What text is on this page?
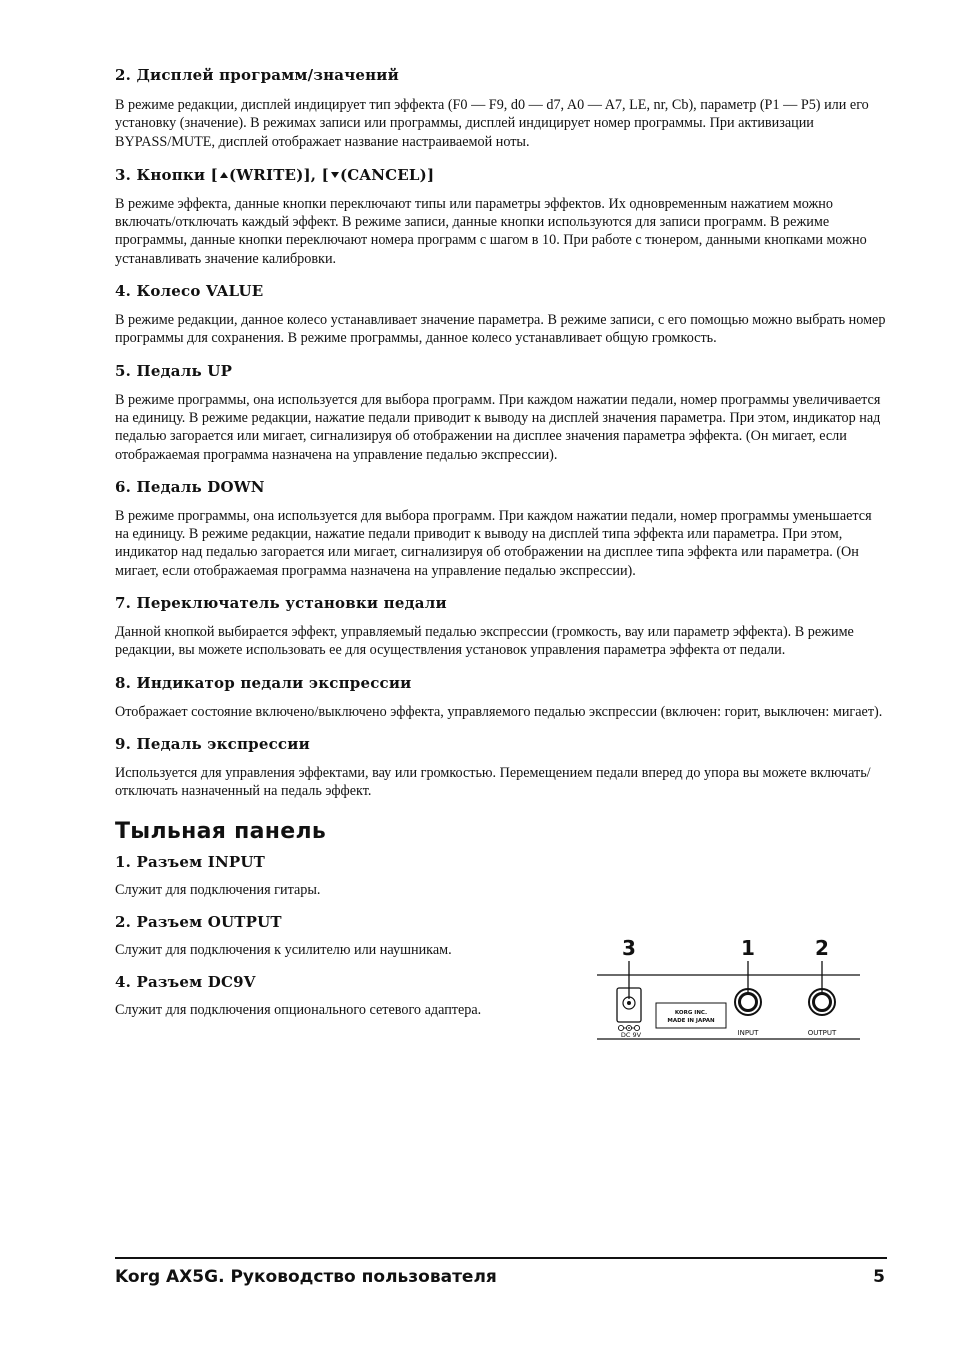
2. Дисплей программ/значений

В режиме редакции, дисплей индицирует тип эффекта (F0 — F9, d0 — d7, A0 — A7, LE, nr, Cb), параметр (P1 — P5) или его установку (значение). В режимах записи или программы, дисплей индицирует номер программы. При активизации BYPASS/MUTE, дисплей отображает название настраиваемой ноты.

3. Кнопки [ (WRITE)], [ (CANCEL)]

В режиме эффекта, данные кнопки переключают типы или параметры эффектов. Их одновременным нажатием можно включать/отключать каждый эффект. В режиме записи, данные кнопки используются для записи программ. В режиме программы, данные кнопки переключают номера программ с шагом в 10. При работе с тюнером, данными кнопками можно устанавливать значение калибровки.

4. Колесо VALUE

В режиме редакции, данное колесо устанавливает значение параметра. В режиме записи, с его помощью можно выбрать номер программы для сохранения. В режиме программы, данное колесо устанавливает общую громкость.

5. Педаль UP

В режиме программы, она используется для выбора программ. При каждом нажатии педали, номер программы увеличивается на единицу. В режиме редакции, нажатие педали приводит к выводу на дисплей значения параметра. При этом, индикатор над педалью загорается или мигает, сигнализируя об отображении на дисплее значения параметра эффекта. (Он мигает, если отображаемая программа назначена на управление педалью экспрессии).

6. Педаль DOWN

В режиме программы, она используется для выбора программ. При каждом нажатии педали, номер программы уменьшается на единицу. В режиме редакции, нажатие педали приводит к выводу на дисплей типа эффекта или параметра. При этом, индикатор над педалью загорается или мигает, сигнализируя об отображении на дисплее типа эффекта или параметра. (Он мигает, если отображаемая программа назначена на управление педалью экспрессии).

7. Переключатель установки педали

Данной кнопкой выбирается эффект, управляемый педалью экспрессии (громкость, вау или параметр эффекта). В режиме редакции, вы можете использовать ее для осуществления установок управления параметра эффекта от педали.

8. Индикатор педали экспрессии

Отображает состояние включено/выключено эффекта, управляемого педалью экспрессии (включен: горит, выключен: мигает).

9. Педаль экспрессии

Используется для управления эффектами, вау или громкостью. Перемещением педали вперед до упора вы можете включать/отключать назначенный на педаль эффект.

Тыльная панель
1. Разъем INPUT

Служит для подключения гитары.

2. Разъем OUTPUT

Служит для подключения к усилителю или наушникам.

4. Разъем DC9V

Служит для подключения опционального сетевого адаптера.

3	1	2
DC 9V
KORG INC.
MADE IN JAPAN
INPUT	OUTPUT
Korg AX5G. Руководство пользователя	5
